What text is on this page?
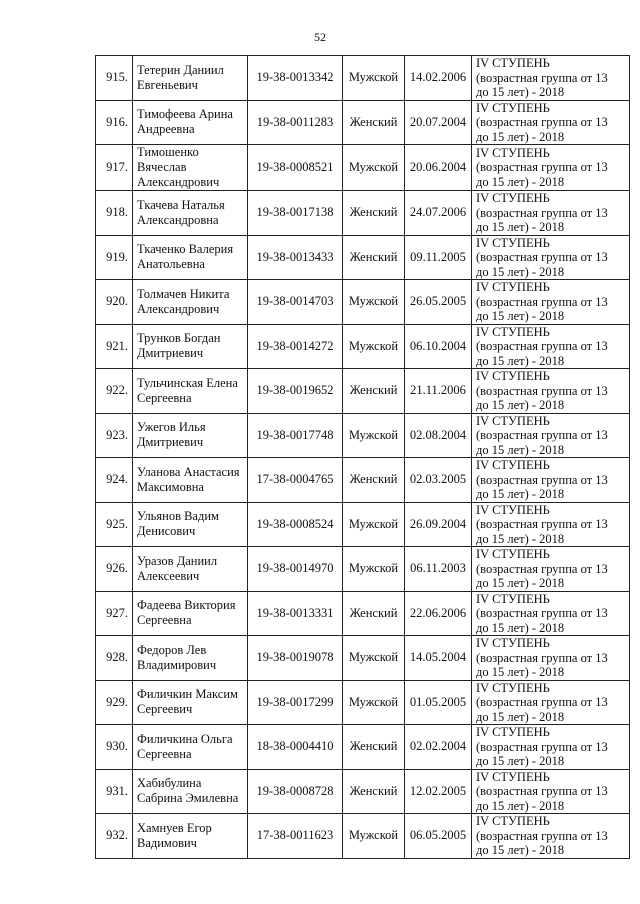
52
915.	Тетерин Даниил Евгеньевич	19-38-0013342	Мужской	14.02.2006	IV СТУПЕНЬ
(возрастная группа от 13
до 15 лет) - 2018

916.	Тимофеева Арина Андреевна	19-38-0011283	Женский	20.07.2004	IV СТУПЕНЬ
(возрастная группа от 13
до 15 лет) - 2018

917.	Тимошенко Вячеслав Александрович	19-38-0008521	Мужской	20.06.2004	IV СТУПЕНЬ
(возрастная группа от 13
до 15 лет) - 2018

918.	Ткачева Наталья Александровна	19-38-0017138	Женский	24.07.2006	IV СТУПЕНЬ
(возрастная группа от 13
до 15 лет) - 2018

919.	Ткаченко Валерия Анатольевна	19-38-0013433	Женский	09.11.2005	IV СТУПЕНЬ
(возрастная группа от 13
до 15 лет) - 2018

920.	Толмачев Никита Александрович	19-38-0014703	Мужской	26.05.2005	IV СТУПЕНЬ
(возрастная группа от 13
до 15 лет) - 2018

921.	Трунков Богдан Дмитриевич	19-38-0014272	Мужской	06.10.2004	IV СТУПЕНЬ
(возрастная группа от 13
до 15 лет) - 2018

922.	Тульчинская Елена Сергеевна	19-38-0019652	Женский	21.11.2006	IV СТУПЕНЬ
(возрастная группа от 13
до 15 лет) - 2018

923.	Ужегов Илья Дмитриевич	19-38-0017748	Мужской	02.08.2004	IV СТУПЕНЬ
(возрастная группа от 13
до 15 лет) - 2018

924.	Уланова Анастасия Максимовна	17-38-0004765	Женский	02.03.2005	IV СТУПЕНЬ
(возрастная группа от 13
до 15 лет) - 2018

925.	Ульянов Вадим Денисович	19-38-0008524	Мужской	26.09.2004	IV СТУПЕНЬ
(возрастная группа от 13
до 15 лет) - 2018

926.	Уразов Даниил Алексеевич	19-38-0014970	Мужской	06.11.2003	IV СТУПЕНЬ
(возрастная группа от 13
до 15 лет) - 2018

927.	Фадеева Виктория Сергеевна	19-38-0013331	Женский	22.06.2006	IV СТУПЕНЬ
(возрастная группа от 13
до 15 лет) - 2018

928.	Федоров Лев Владимирович	19-38-0019078	Мужской	14.05.2004	IV СТУПЕНЬ
(возрастная группа от 13
до 15 лет) - 2018

929.	Филичкин Максим Сергеевич	19-38-0017299	Мужской	01.05.2005	IV СТУПЕНЬ
(возрастная группа от 13
до 15 лет) - 2018

930.	Филичкина Ольга Сергеевна	18-38-0004410	Женский	02.02.2004	IV СТУПЕНЬ
(возрастная группа от 13
до 15 лет) - 2018

931.	Хабибулина Сабрина Эмилевна	19-38-0008728	Женский	12.02.2005	IV СТУПЕНЬ
(возрастная группа от 13
до 15 лет) - 2018

932.	Хамнуев Егор Вадимович	17-38-0011623	Мужской	06.05.2005	IV СТУПЕНЬ
(возрастная группа от 13
до 15 лет) - 2018
